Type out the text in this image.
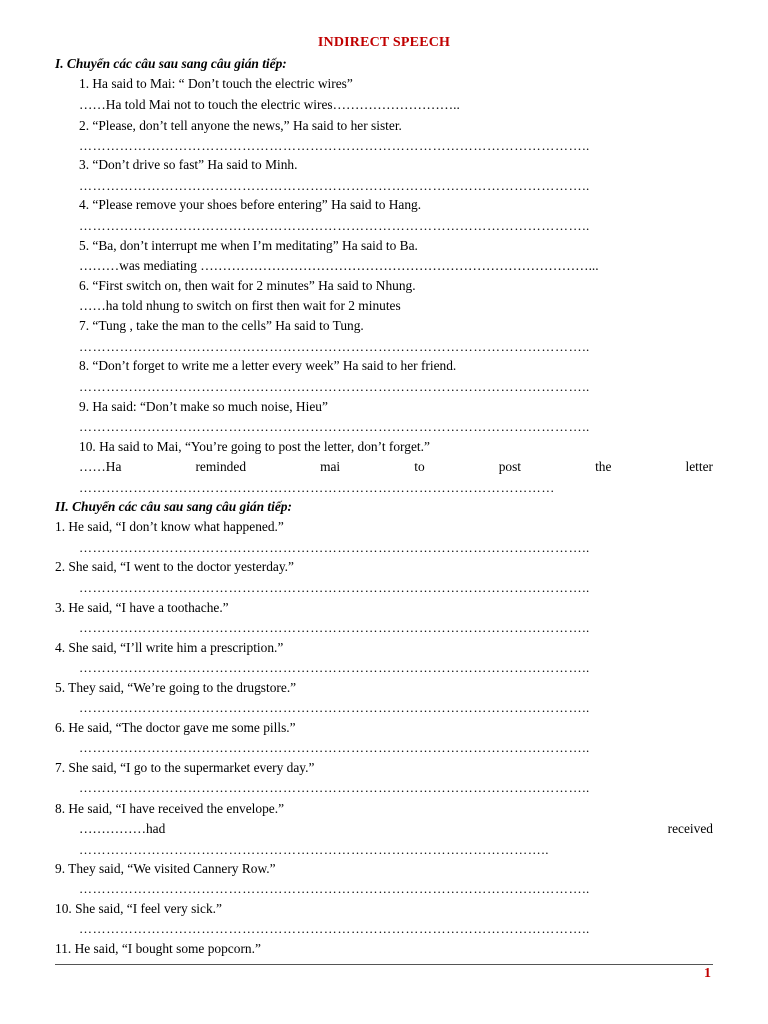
INDIRECT SPEECH
I. Chuyển các câu sau sang câu gián tiếp:
1. Ha said to Mai: “ Don’t touch the electric wires”
……Ha told Mai not to touch the electric wires………………………..
2. “Please, don’t tell anyone the news,” Ha said to her sister.
…………………………………………………………………………………………………..
3. “Don’t drive so fast” Ha said to Minh.
…………………………………………………………………………………………………..
4. “Please remove your shoes before entering” Ha said to Hang.
…………………………………………………………………………………………………..
5. “Ba, don’t interrupt me when I’m meditating” Ha said to Ba.
………was mediating ……………………………………………………………………………...
6. “First switch on, then wait for 2 minutes” Ha said to Nhung.
……ha told nhung to switch on first then wait for 2 minutes
7. “Tung , take the man to the cells” Ha said to Tung.
…………………………………………………………………………………………………..
8. “Don’t forget to write me a letter every week” Ha said to her friend.
…………………………………………………………………………………………………..
9. Ha said: “Don’t make so much noise, Hieu”
…………………………………………………………………………………………………..
10. Ha said to Mai, “You’re going to post the letter, don’t forget.”
……Ha	reminded	mai	to	post	the	letter
……………………………………………………………………………………………
II. Chuyển các câu sau sang câu gián tiếp:
1. He said, “I don’t know what happened.”
…………………………………………………………………………………………………..
2. She said, “I went to the doctor yesterday.”
…………………………………………………………………………………………………..
3. He said, “I have a toothache.”
…………………………………………………………………………………………………..
4. She said, “I’ll write him a prescription.”
…………………………………………………………………………………………………..
5. They said, “We’re going to the drugstore.”
…………………………………………………………………………………………………..
6. He said, “The doctor gave me some pills.”
…………………………………………………………………………………………………..
7. She said, “I go to the supermarket every day.”
…………………………………………………………………………………………………..
8. He said, “I have received the envelope.”
……………had	received
…………………………………………………………………………………………..
9. They said, “We visited Cannery Row.”
…………………………………………………………………………………………………..
10. She said, “I feel very sick.”
…………………………………………………………………………………………………..
11. He said, “I bought some popcorn.”
1
